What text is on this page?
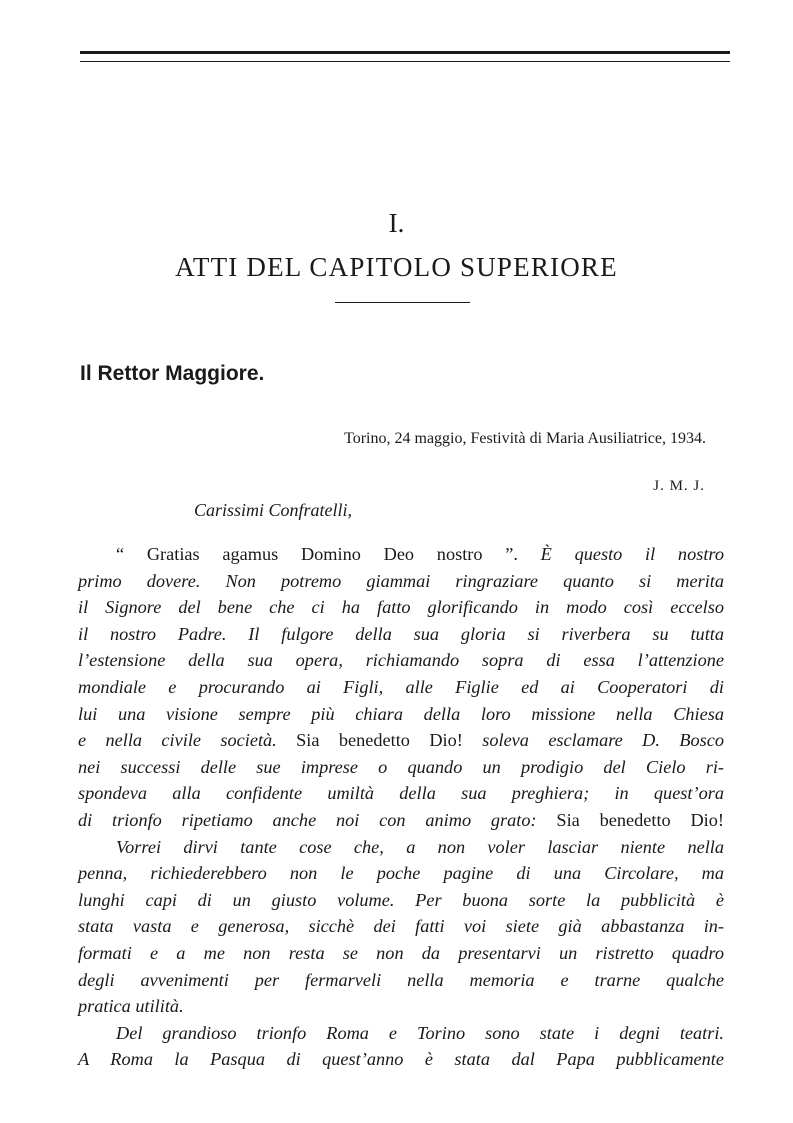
I.
ATTI DEL CAPITOLO SUPERIORE
Il Rettor Maggiore.
Torino, 24 maggio, Festività di Maria Ausiliatrice, 1934.
J. M. J.
Carissimi Confratelli,
“ Gratias agamus Domino Deo nostro ”. È questo il nostro
primo dovere. Non potremo giammai ringraziare quanto si merita
il Signore del bene che ci ha fatto glorificando in modo così eccelso
il nostro Padre. Il fulgore della sua gloria si riverbera su tutta
l’estensione della sua opera, richiamando sopra di essa l’attenzione
mondiale e procurando ai Figli, alle Figlie ed ai Cooperatori di
lui una visione sempre più chiara della loro missione nella Chiesa
e nella civile società. Sia benedetto Dio! soleva esclamare D. Bosco
nei successi delle sue imprese o quando un prodigio del Cielo ri-
spondeva alla confidente umiltà della sua preghiera; in quest’ora
di trionfo ripetiamo anche noi con animo grato: Sia benedetto Dio!
Vorrei dirvi tante cose che, a non voler lasciar niente nella
penna, richiederebbero non le poche pagine di una Circolare, ma
lunghi capi di un giusto volume. Per buona sorte la pubblicità è
stata vasta e generosa, sicchè dei fatti voi siete già abbastanza in-
formati e a me non resta se non da presentarvi un ristretto quadro
degli avvenimenti per fermarveli nella memoria e trarne qualche
pratica utilità.
Del grandioso trionfo Roma e Torino sono state i degni teatri.
A Roma la Pasqua di quest’anno è stata dal Papa pubblicamente
